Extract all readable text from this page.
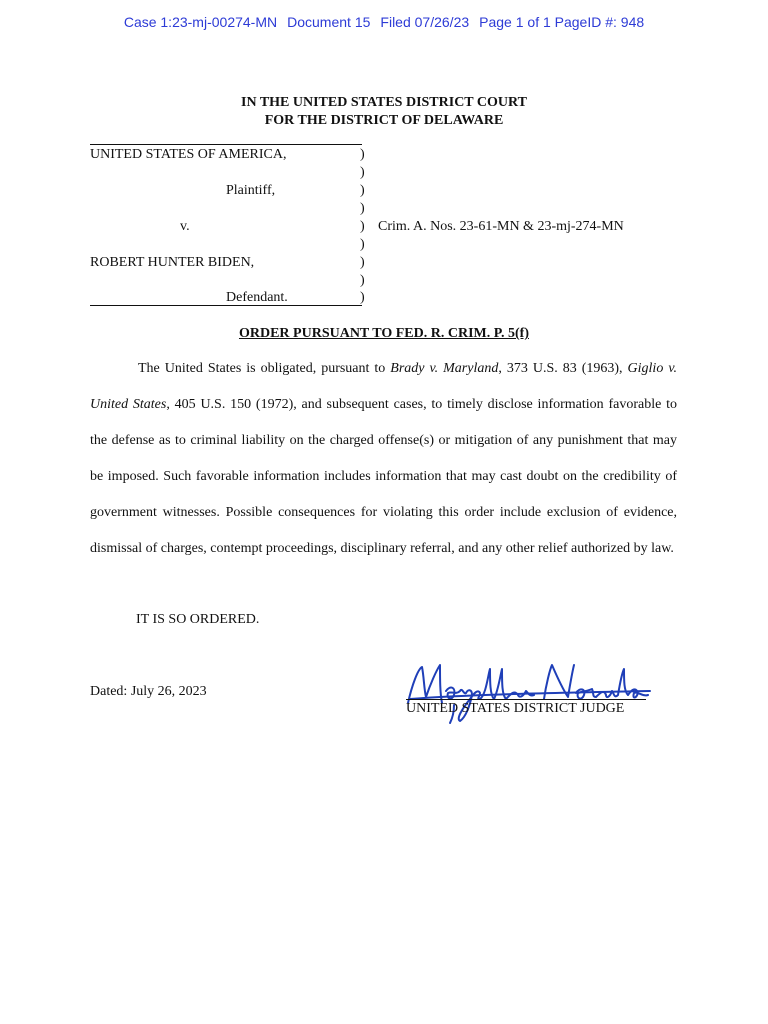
Case 1:23-mj-00274-MN Document 15 Filed 07/26/23 Page 1 of 1 PageID #: 948
IN THE UNITED STATES DISTRICT COURT
FOR THE DISTRICT OF DELAWARE
UNITED STATES OF AMERICA,
Plaintiff,
v.
ROBERT HUNTER BIDEN,
Defendant.
Crim. A. Nos. 23-61-MN & 23-mj-274-MN
)
)
)
)
)
)
)
)
)
ORDER PURSUANT TO FED. R. CRIM. P. 5(f)
The United States is obligated, pursuant to Brady v. Maryland, 373 U.S. 83 (1963), Giglio v. United States, 405 U.S. 150 (1972), and subsequent cases, to timely disclose information favorable to the defense as to criminal liability on the charged offense(s) or mitigation of any punishment that may be imposed. Such favorable information includes information that may cast doubt on the credibility of government witnesses. Possible consequences for violating this order include exclusion of evidence, dismissal of charges, contempt proceedings, disciplinary referral, and any other relief authorized by law.
IT IS SO ORDERED.
Dated: July 26, 2023
UNITED STATES DISTRICT JUDGE
